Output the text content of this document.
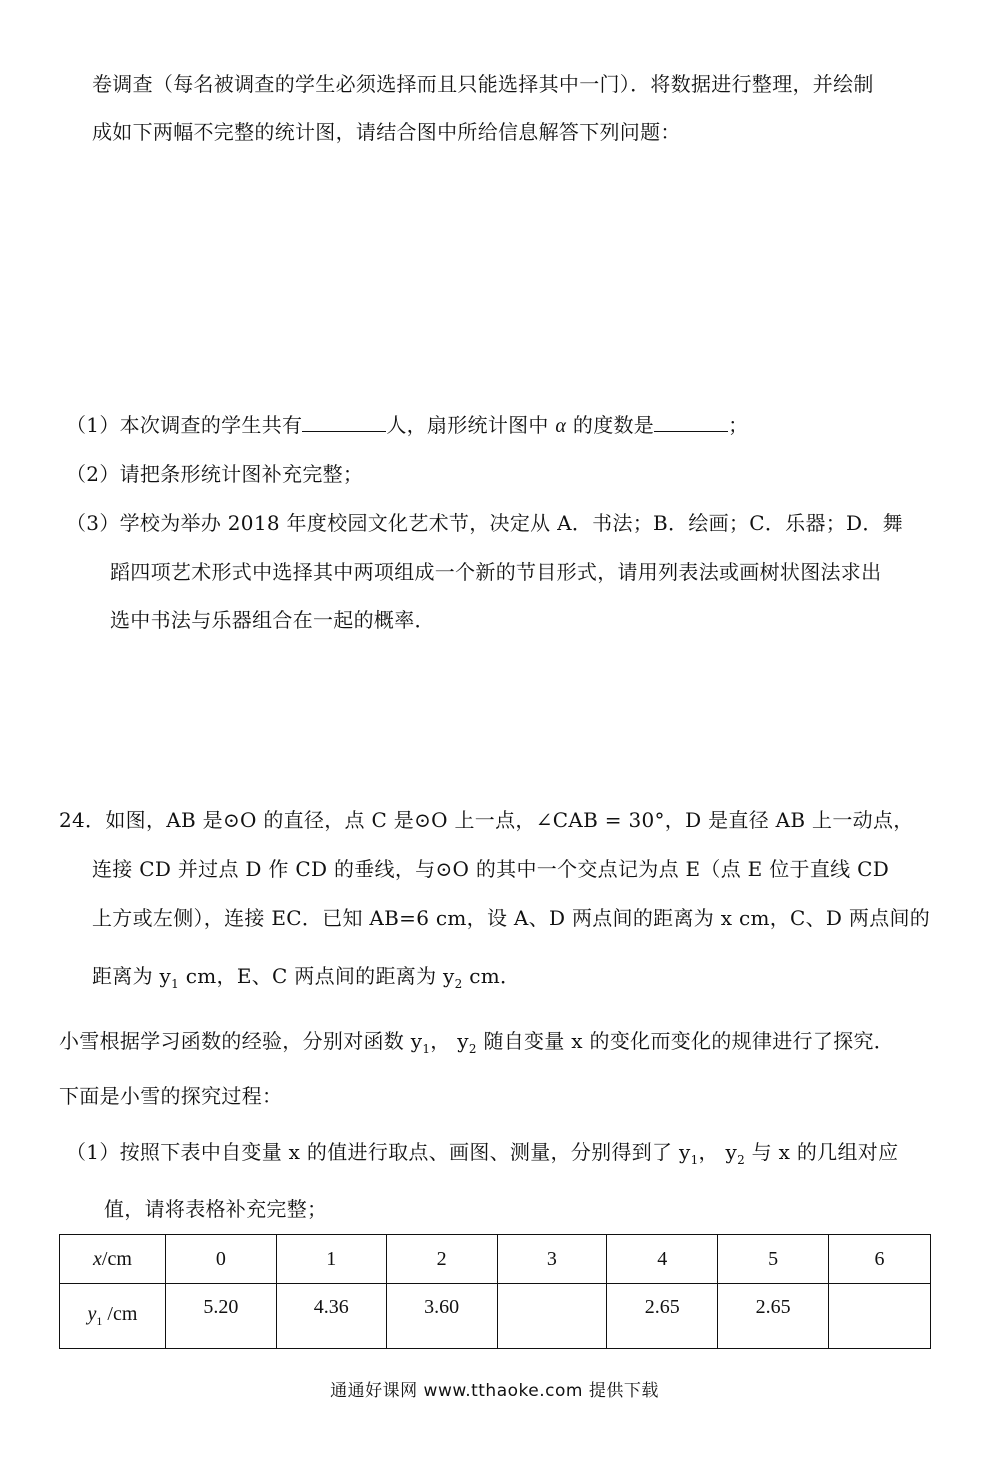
卷调查（每名被调查的学生必须选择而且只能选择其中一门）．将数据进行整理，并绘制
成如下两幅不完整的统计图，请结合图中所给信息解答下列问题：
（1）本次调查的学生共有	人，扇形统计图中 α 的度数是	；
（2）请把条形统计图补充完整；
（3）学校为举办 2018 年度校园文化艺术节，决定从 A．书法；B．绘画；C．乐器；D．舞
蹈四项艺术形式中选择其中两项组成一个新的节目形式，请用列表法或画树状图法求出
选中书法与乐器组合在一起的概率．
24．如图，AB 是⊙O 的直径，点 C 是⊙O 上一点，∠CAB = 30°，D 是直径 AB 上一动点，
连接 CD 并过点 D 作 CD 的垂线，与⊙O 的其中一个交点记为点 E（点 E 位于直线 CD
上方或左侧），连接 EC．已知 AB=6 cm，设 A、D 两点间的距离为 x cm，C、D 两点间的
距离为 $y_1$ cm，E、C 两点间的距离为 $y_2$ cm．
小雪根据学习函数的经验，分别对函数 $y_1$， $y_2$ 随自变量 x 的变化而变化的规律进行了探究．
下面是小雪的探究过程：
（1）按照下表中自变量 x 的值进行取点、画图、测量，分别得到了 $y_1$， $y_2$ 与 x 的几组对应
值，请将表格补充完整；
x/cm	0	1	2	3	4	5	6
$y_1$ /cm	5.20	4.36	3.60		2.65	2.65	
通通好课网 www.tthaoke.com 提供下载
